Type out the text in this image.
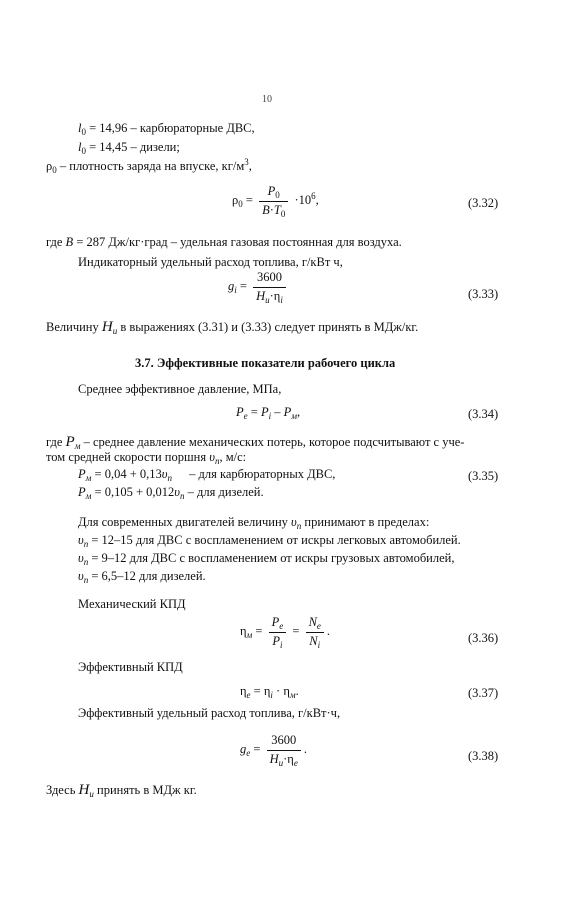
10
$l_0 = 14,96$ – карбюраторные ДВС,
$l_0 = 14,45$ – дизели;
$\rho_0$ – плотность заряда на впуске, $кг/м^3$,
$\rho_0 = \frac{P_0}{B\cdot T_0} \cdot 10^6$,	(3.32)
где B = 287 Дж/кг·град – удельная газовая постоянная для воздуха.
Индикаторный удельный расход топлива, г/кВт ч,
$g_i = \frac{3600}{H_u\cdot\eta_i}$	(3.33)
Величину $H_u$ в выражениях (3.31) и (3.33) следует принять в МДж/кг.
3.7. Эффективные показатели рабочего цикла
Среднее эффективное давление, МПа,
$P_e = P_i - P_м$,	(3.34)
где $P_м$ – среднее давление механических потерь, которое подсчитывают с уче-
том средней скорости поршня $\upsilon_n$, м/с:
$P_м = 0,04 + 0,13\upsilon_n$ – для карбюраторных ДВС,	(3.35)
$P_м = 0,105 + 0,012\upsilon_n$ – для дизелей.
Для современных двигателей величину $\upsilon_n$ принимают в пределах:
$\upsilon_n = 12-15$ для ДВС с воспламенением от искры легковых автомобилей.
$\upsilon_n = 9-12$ для ДВС с воспламенением от искры грузовых автомобилей,
$\upsilon_n = 6,5-12$ для дизелей.
Механический КПД
$\eta_м = \frac{P_e}{P_i} = \frac{N_e}{N_i}$ .	(3.36)
Эффективный КПД
$\eta_e = \eta_i \cdot \eta_м$.	(3.37)
Эффективный удельный расход топлива, г/кВт·ч,
$g_e = \frac{3600}{H_u\cdot\eta_e}$ .	(3.38)
Здесь $H_u$ принять в МДж кг.
